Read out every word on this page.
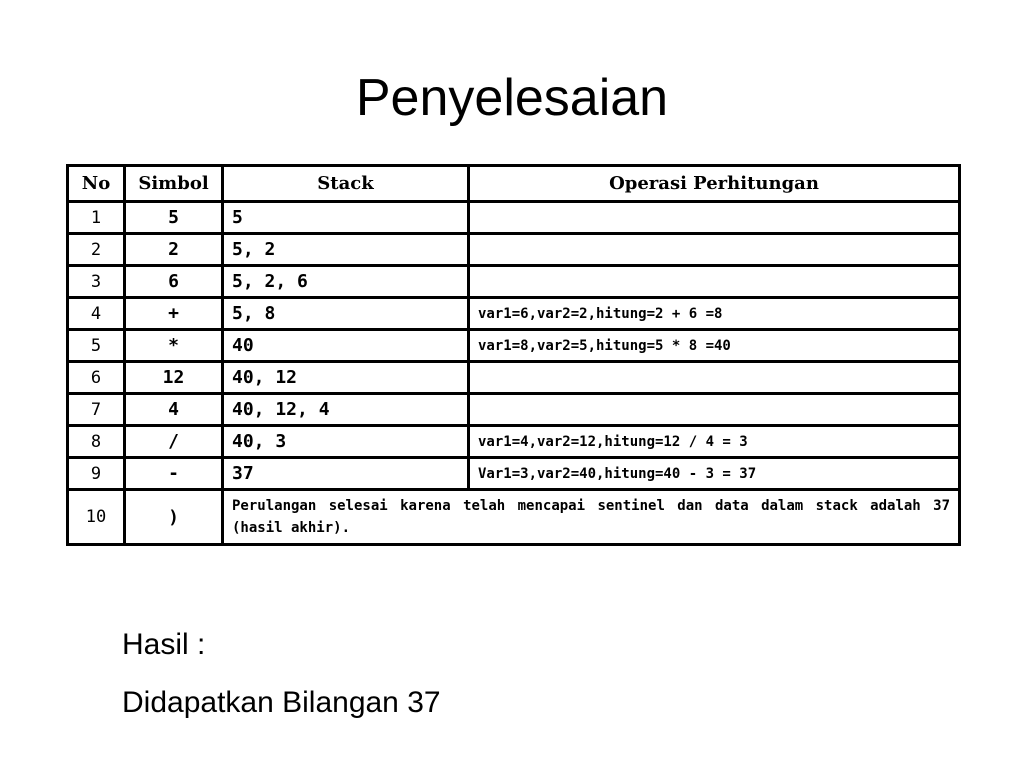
Penyelesaian
No	Simbol	Stack	Operasi Perhitungan
1	5	5	
2	2	5, 2	
3	6	5, 2, 6	
4	+	5, 8	var1=6,var2=2,hitung=2 + 6 =8
5	*	40	var1=8,var2=5,hitung=5 * 8 =40
6	12	40, 12	
7	4	40, 12, 4	
8	/	40, 3	var1=4,var2=12,hitung=12 / 4 = 3
9	-	37	Var1=3,var2=40,hitung=40 - 3 = 37
10	)	Perulangan selesai karena telah mencapai sentinel dan data dalam stack adalah 37 (hasil akhir).	
Hasil :
Didapatkan Bilangan 37
